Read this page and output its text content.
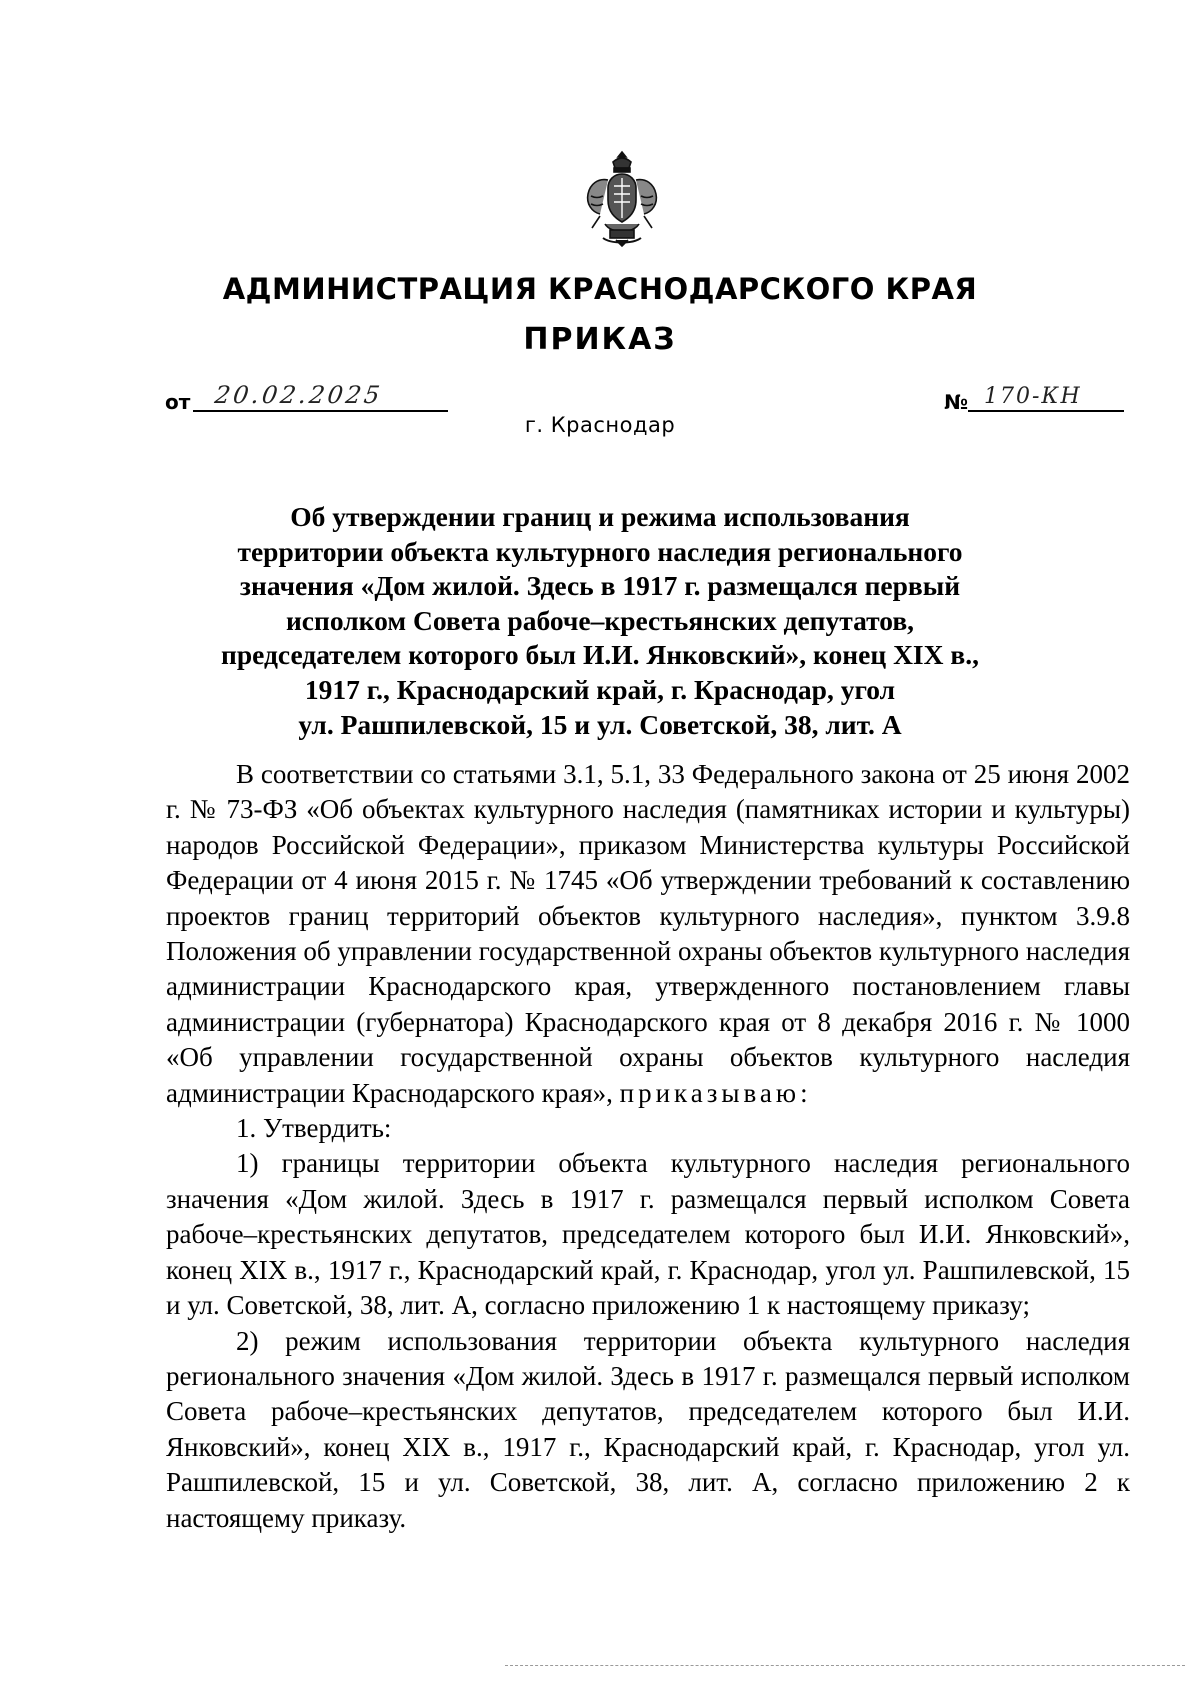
АДМИНИСТРАЦИЯ КРАСНОДАРСКОГО КРАЯ
ПРИКАЗ
от 20.02.2025	№ 170-КН
г. Краснодар
Об утверждении границ и режима использования
территории объекта культурного наследия регионального
значения «Дом жилой. Здесь в 1917 г. размещался первый
исполком Совета рабоче–крестьянских депутатов,
председателем которого был И.И. Янковский», конец XIX в.,
1917 г., Краснодарский край, г. Краснодар, угол
ул. Рашпилевской, 15 и ул. Советской, 38, лит. А
В соответствии со статьями 3.1, 5.1, 33 Федерального закона от 25 июня 2002 г. № 73-ФЗ «Об объектах культурного наследия (памятниках истории и культуры) народов Российской Федерации», приказом Министерства культуры Российской Федерации от 4 июня 2015 г. № 1745 «Об утверждении требований к составлению проектов границ территорий объектов культурного наследия», пунктом 3.9.8 Положения об управлении государственной охраны объектов культурного наследия администрации Краснодарского края, утвержденного постановлением главы администрации (губернатора) Краснодарского края от 8 декабря 2016 г. № 1000 «Об управлении государственной охраны объектов культурного наследия администрации Краснодарского края», приказываю:
1. Утвердить:
1) границы территории объекта культурного наследия регионального значения «Дом жилой. Здесь в 1917 г. размещался первый исполком Совета рабоче–крестьянских депутатов, председателем которого был И.И. Янковский», конец XIX в., 1917 г., Краснодарский край, г. Краснодар, угол ул. Рашпилевской, 15 и ул. Советской, 38, лит. А, согласно приложению 1 к настоящему приказу;
2) режим использования территории объекта культурного наследия регионального значения «Дом жилой. Здесь в 1917 г. размещался первый исполком Совета рабоче–крестьянских депутатов, председателем которого был И.И. Янковский», конец XIX в., 1917 г., Краснодарский край, г. Краснодар, угол ул. Рашпилевской, 15 и ул. Советской, 38, лит. А, согласно приложению 2 к настоящему приказу.
